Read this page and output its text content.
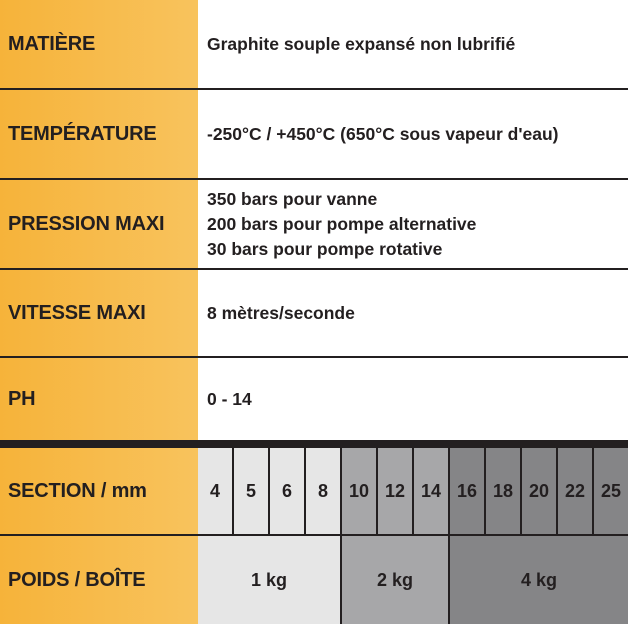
MATIÈRE	Graphite souple expansé non lubrifié
TEMPÉRATURE	-250°C / +450°C (650°C sous vapeur d'eau)
PRESSION MAXI
350 bars pour vanne
200 bars pour pompe alternative
30 bars pour pompe rotative
VITESSE MAXI	8 mètres/seconde
PH	0 - 14
SECTION / mm	4	5	6	8	10 12 14 16 18 20 22 25
POIDS / BOÎTE	1 kg	2 kg	4 kg
